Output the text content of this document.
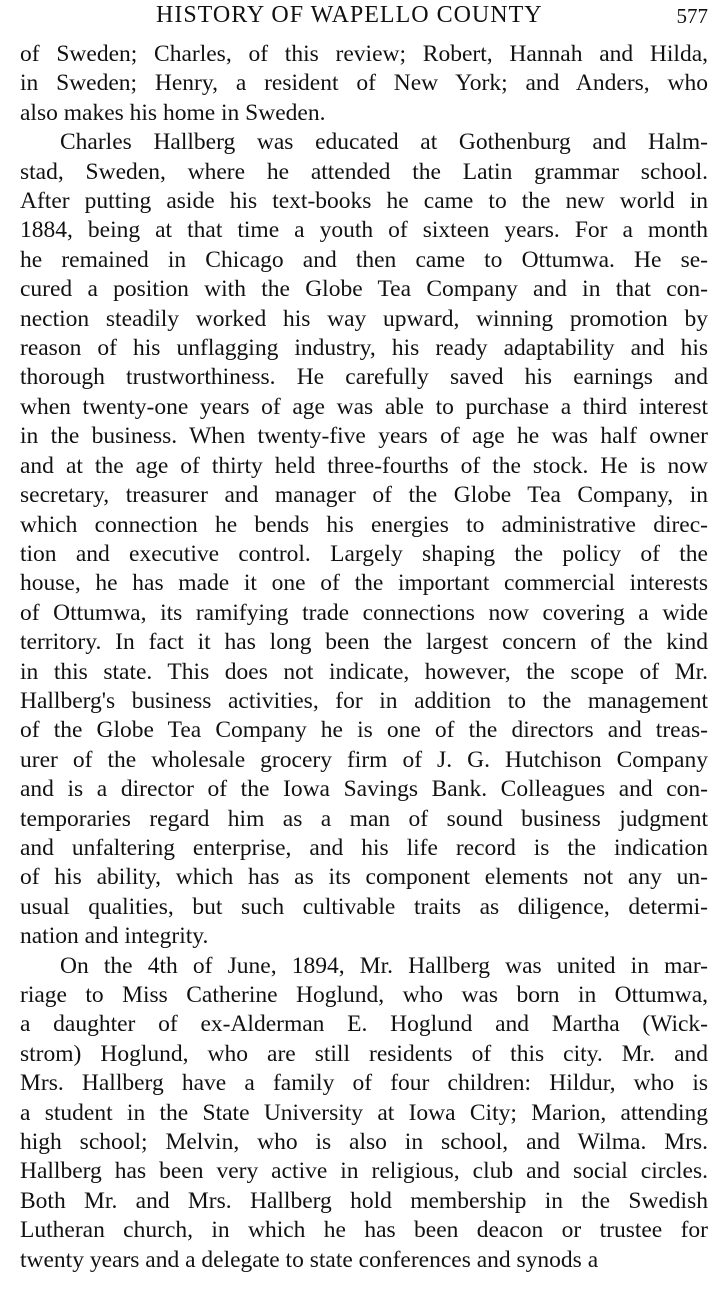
HISTORY OF WAPELLO COUNTY	577

of Sweden; Charles, of this review; Robert, Hannah and Hilda,
in Sweden; Henry, a resident of New York; and Anders, who
also makes his home in Sweden.

Charles Hallberg was educated at Gothenburg and Halm-
stad, Sweden, where he attended the Latin grammar school.
After putting aside his text-books he came to the new world in
1884, being at that time a youth of sixteen years. For a month
he remained in Chicago and then came to Ottumwa. He se-
cured a position with the Globe Tea Company and in that con-
nection steadily worked his way upward, winning promotion by
reason of his unflagging industry, his ready adaptability and his
thorough trustworthiness. He carefully saved his earnings and
when twenty-one years of age was able to purchase a third interest
in the business. When twenty-five years of age he was half owner
and at the age of thirty held three-fourths of the stock. He is now
secretary, treasurer and manager of the Globe Tea Company, in
which connection he bends his energies to administrative direc-
tion and executive control. Largely shaping the policy of the
house, he has made it one of the important commercial interests
of Ottumwa, its ramifying trade connections now covering a wide
territory. In fact it has long been the largest concern of the kind
in this state. This does not indicate, however, the scope of Mr.
Hallberg's business activities, for in addition to the management
of the Globe Tea Company he is one of the directors and treas-
urer of the wholesale grocery firm of J. G. Hutchison Company
and is a director of the Iowa Savings Bank. Colleagues and con-
temporaries regard him as a man of sound business judgment
and unfaltering enterprise, and his life record is the indication
of his ability, which has as its component elements not any un-
usual qualities, but such cultivable traits as diligence, determi-
nation and integrity.

On the 4th of June, 1894, Mr. Hallberg was united in mar-
riage to Miss Catherine Hoglund, who was born in Ottumwa,
a daughter of ex-Alderman E. Hoglund and Martha (Wick-
strom) Hoglund, who are still residents of this city. Mr. and
Mrs. Hallberg have a family of four children: Hildur, who is
a student in the State University at Iowa City; Marion, attending
high school; Melvin, who is also in school, and Wilma. Mrs.
Hallberg has been very active in religious, club and social circles.
Both Mr. and Mrs. Hallberg hold membership in the Swedish
Lutheran church, in which he has been deacon or trustee for
twenty years and a delegate to state conferences and synods a
